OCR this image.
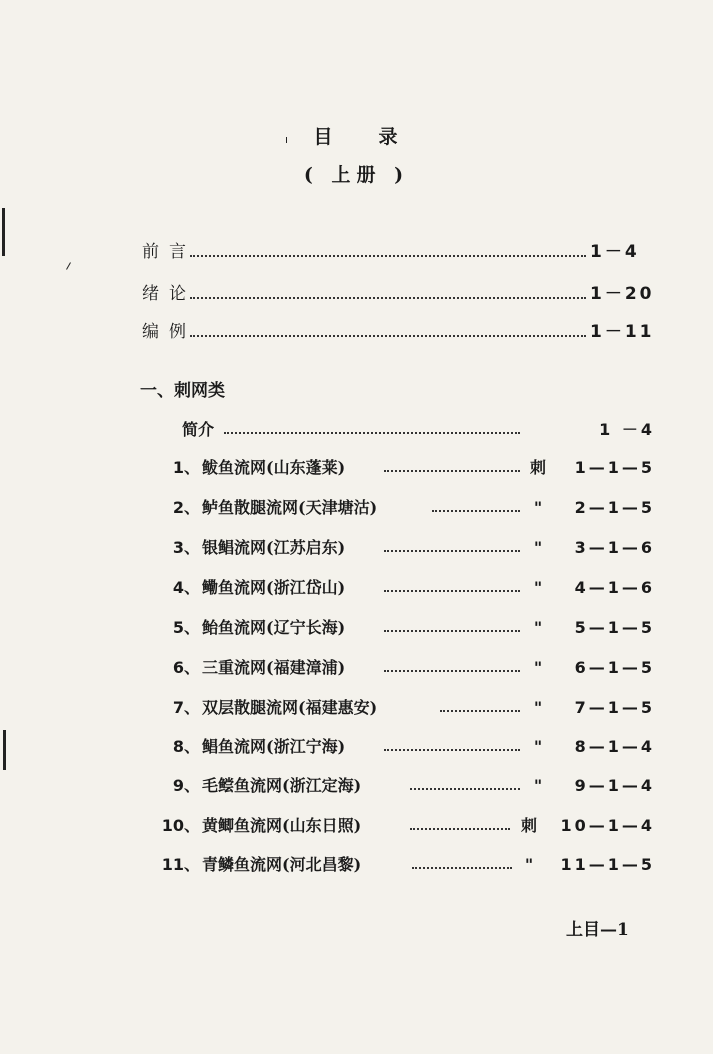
目 录
( 上册 )
前 言	1－4
绪 论	1－20
编 例	1－11
一、刺网类
简介	1 －4
1、 鲅鱼流网(山东蓬莱)	刺	1—1—5
2、 鲈鱼散腿流网(天津塘沽)	"	2—1—5
3、 银鲳流网(江苏启东)	"	3—1—6
4、 鳓鱼流网(浙江岱山)	"	4—1—6
5、 鲐鱼流网(辽宁长海)	"	5—1—5
6、 三重流网(福建漳浦)	"	6—1—5
7、 双层散腿流网(福建惠安)	"	7—1—5
8、 鲳鱼流网(浙江宁海)	"	8—1—4
9、 毛鲿鱼流网(浙江定海)	"	9—1—4
10、 黄鲫鱼流网(山东日照)	刺	10—1—4
11、 青鳞鱼流网(河北昌黎)	"	11—1—5
上目—1
